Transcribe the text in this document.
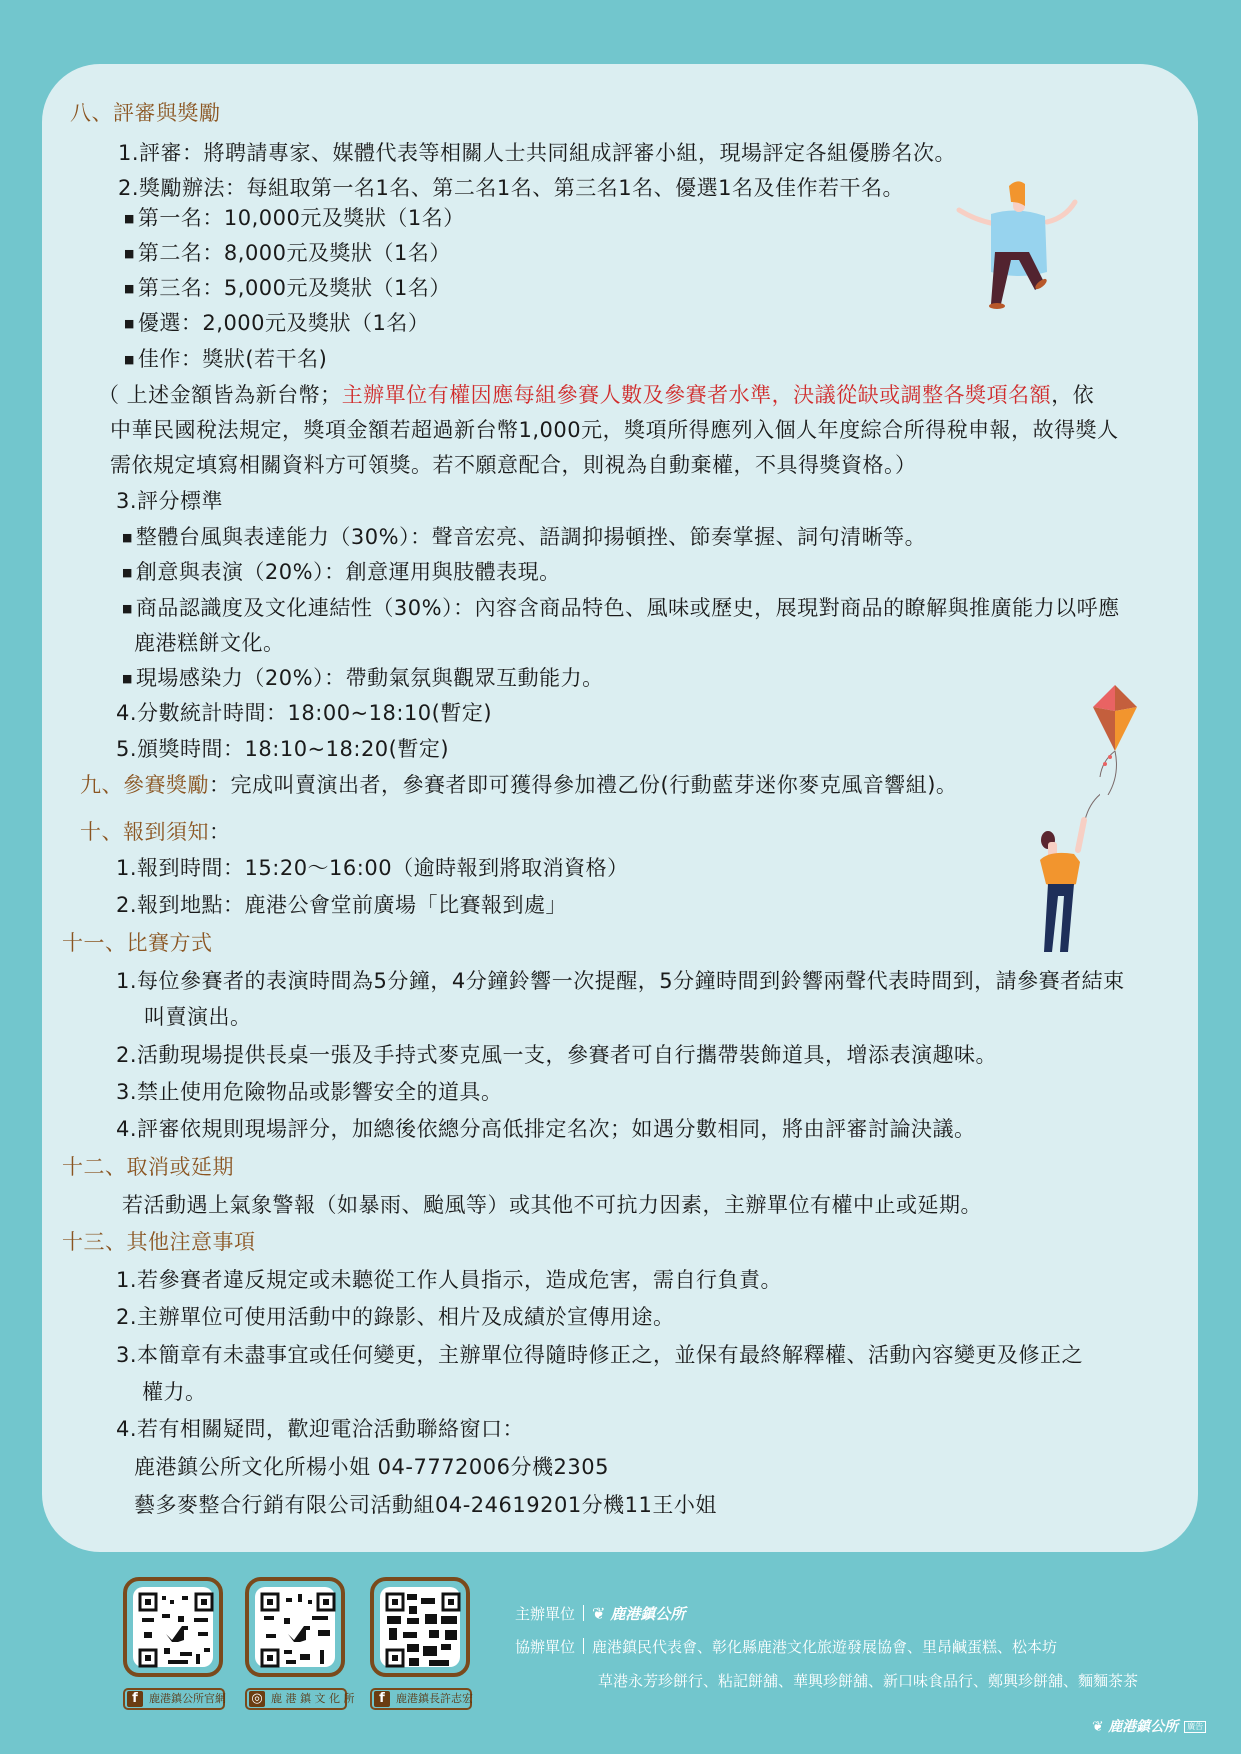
八、評審與獎勵
1.評審：將聘請專家、媒體代表等相關人士共同組成評審小組，現場評定各組優勝名次。
2.獎勵辦法：每組取第一名1名、第二名1名、第三名1名、優選1名及佳作若干名。
■ 第一名：10,000元及獎狀（1名）
■ 第二名：8,000元及獎狀（1名）
■ 第三名：5,000元及獎狀（1名）
■ 優選：2,000元及獎狀（1名）
■ 佳作：獎狀(若干名)
（ 上述金額皆為新台幣；主辦單位有權因應每組參賽人數及參賽者水準，決議從缺或調整各獎項名額，依
中華民國稅法規定，獎項金額若超過新台幣1,000元，獎項所得應列入個人年度綜合所得稅申報，故得獎人
需依規定填寫相關資料方可領獎。若不願意配合，則視為自動棄權，不具得獎資格。）
3.評分標準
■ 整體台風與表達能力（30%）：聲音宏亮、語調抑揚頓挫、節奏掌握、詞句清晰等。
■ 創意與表演（20%）：創意運用與肢體表現。
■ 商品認識度及文化連結性（30%）：內容含商品特色、風味或歷史，展現對商品的瞭解與推廣能力以呼應
鹿港糕餅文化。
■ 現場感染力（20%）：帶動氣氛與觀眾互動能力。
4.分數統計時間：18:00~18:10(暫定)
5.頒獎時間：18:10~18:20(暫定)
九、參賽獎勵：完成叫賣演出者，參賽者即可獲得參加禮乙份(行動藍芽迷你麥克風音響組)。
十、報到須知：
1.報到時間：15:20～16:00（逾時報到將取消資格）
2.報到地點：鹿港公會堂前廣場「比賽報到處」
十一、比賽方式
1.每位參賽者的表演時間為5分鐘，4分鐘鈴響一次提醒，5分鐘時間到鈴響兩聲代表時間到，請參賽者結束
叫賣演出。
2.活動現場提供長桌一張及手持式麥克風一支，參賽者可自行攜帶裝飾道具，增添表演趣味。
3.禁止使用危險物品或影響安全的道具。
4.評審依規則現場評分，加總後依總分高低排定名次；如遇分數相同，將由評審討論決議。
十二、取消或延期
若活動遇上氣象警報（如暴雨、颱風等）或其他不可抗力因素，主辦單位有權中止或延期。
十三、其他注意事項
1.若參賽者違反規定或未聽從工作人員指示，造成危害，需自行負責。
2.主辦單位可使用活動中的錄影、相片及成績於宣傳用途。
3.本簡章有未盡事宜或任何變更，主辦單位得隨時修正之，並保有最終解釋權、活動內容變更及修正之
權力。
4.若有相關疑問，歡迎電洽活動聯絡窗口：
鹿港鎮公所文化所楊小姐 04-7772006分機2305
藝多麥整合行銷有限公司活動組04-24619201分機11王小姐
f	鹿港鎮公所官網 ◎ 鹿 港 鎮 文 化 所	f	鹿港鎮長許志宏
主辦單位 ❦ 鹿港鎮公所
協辦單位 鹿港鎮民代表會、彰化縣鹿港文化旅遊發展協會、里昂鹹蛋糕、松本坊
草港永芳珍餅行、粘記餅舖、華興珍餅舖、新口味食品行、鄭興珍餅舖、麵麵茶茶
❦ 鹿港鎮公所 廣告
